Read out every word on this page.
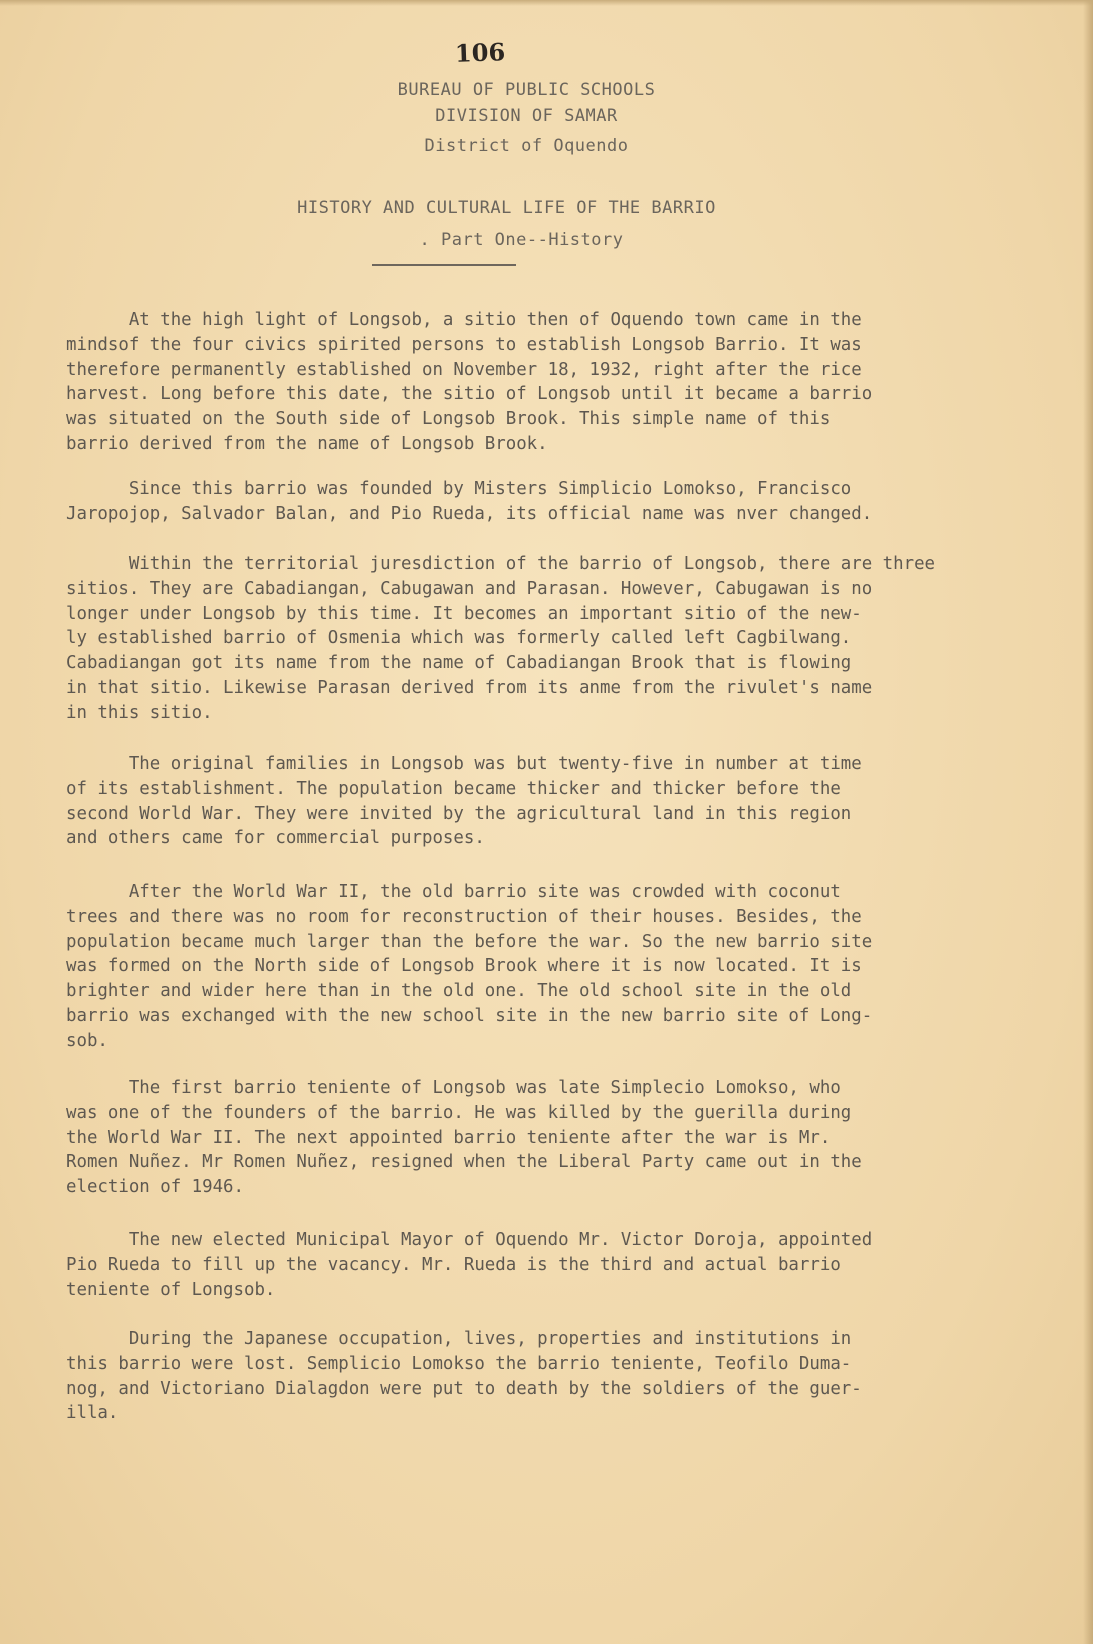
106
BUREAU OF PUBLIC SCHOOLS
DIVISION OF SAMAR
District of Oquendo
HISTORY AND CULTURAL LIFE OF THE BARRIO
. Part One--History
At the high light of Longsob, a sitio then of Oquendo town came in the
mindsof the four civics spirited persons to establish Longsob Barrio. It was
therefore permanently established on November 18, 1932, right after the rice
harvest. Long before this date, the sitio of Longsob until it became a barrio
was situated on the South side of Longsob Brook. This simple name of this
barrio derived from the name of Longsob Brook.
Since this barrio was founded by Misters Simplicio Lomokso, Francisco
Jaropojop, Salvador Balan, and Pio Rueda, its official name was nver changed.
Within the territorial juresdiction of the barrio of Longsob, there are three
sitios. They are Cabadiangan, Cabugawan and Parasan. However, Cabugawan is no
longer under Longsob by this time. It becomes an important sitio of the new-
ly established barrio of Osmenia which was formerly called left Cagbilwang.
Cabadiangan got its name from the name of Cabadiangan Brook that is flowing
in that sitio. Likewise Parasan derived from its anme from the rivulet's name
in this sitio.
The original families in Longsob was but twenty-five in number at time
of its establishment. The population became thicker and thicker before the
second World War. They were invited by the agricultural land in this region
and others came for commercial purposes.
After the World War II, the old barrio site was crowded with coconut
trees and there was no room for reconstruction of their houses. Besides, the
population became much larger than the before the war. So the new barrio site
was formed on the North side of Longsob Brook where it is now located. It is
brighter and wider here than in the old one. The old school site in the old
barrio was exchanged with the new school site in the new barrio site of Long-
sob.
The first barrio teniente of Longsob was late Simplecio Lomokso, who
was one of the founders of the barrio. He was killed by the guerilla during
the World War II. The next appointed barrio teniente after the war is Mr.
Romen Nuñez. Mr Romen Nuñez, resigned when the Liberal Party came out in the
election of 1946.
The new elected Municipal Mayor of Oquendo Mr. Victor Doroja, appointed
Pio Rueda to fill up the vacancy. Mr. Rueda is the third and actual barrio
teniente of Longsob.
During the Japanese occupation, lives, properties and institutions in
this barrio were lost. Semplicio Lomokso the barrio teniente, Teofilo Duma-
nog, and Victoriano Dialagdon were put to death by the soldiers of the guer-
illa.
